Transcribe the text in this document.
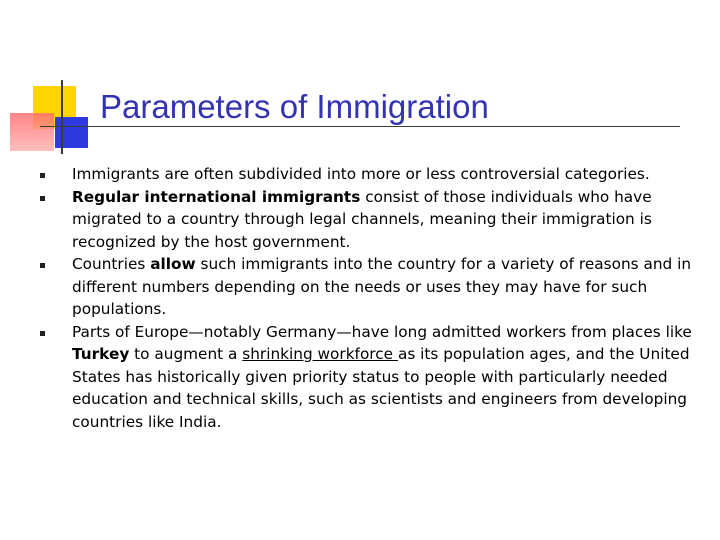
Parameters of Immigration
Immigrants are often subdivided into more or less controversial categories.
Regular international immigrants consist of those individuals who have migrated to a country through legal channels, meaning their immigration is recognized by the host government.
Countries allow such immigrants into the country for a variety of reasons and in different numbers depending on the needs or uses they may have for such populations.
Parts of Europe—notably Germany—have long admitted workers from places like Turkey to augment a shrinking workforce as its population ages, and the United States has historically given priority status to people with particularly needed education and technical skills, such as scientists and engineers from developing countries like India.
